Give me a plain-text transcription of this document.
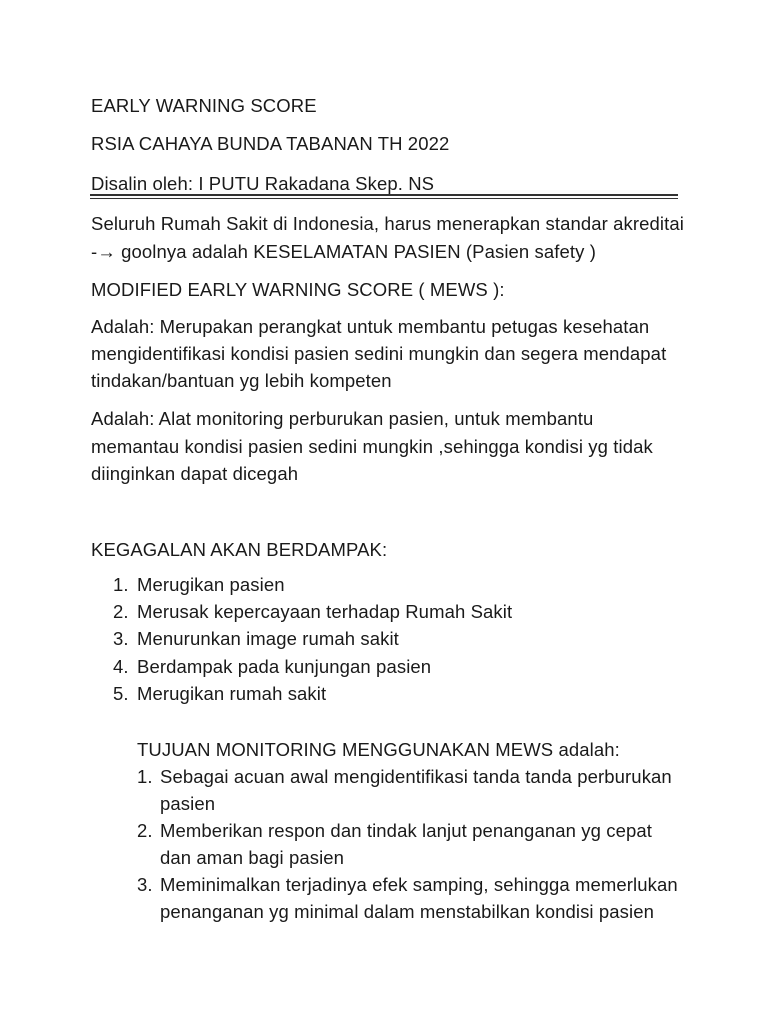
EARLY WARNING SCORE
RSIA CAHAYA BUNDA TABANAN TH 2022
Disalin oleh: I PUTU Rakadana Skep. NS
Seluruh Rumah Sakit di Indonesia, harus menerapkan standar akreditai
-→ goolnya adalah KESELAMATAN PASIEN (Pasien safety )
MODIFIED EARLY WARNING SCORE ( MEWS ):
Adalah: Merupakan perangkat untuk membantu petugas kesehatan
mengidentifikasi kondisi pasien sedini mungkin dan segera mendapat
tindakan/bantuan yg lebih kompeten
Adalah: Alat monitoring perburukan pasien, untuk membantu
memantau kondisi pasien sedini mungkin ,sehingga kondisi yg tidak
diinginkan dapat dicegah
KEGAGALAN AKAN BERDAMPAK:
1. Merugikan pasien
2. Merusak kepercayaan terhadap Rumah Sakit
3. Menurunkan image rumah sakit
4. Berdampak pada kunjungan pasien
5. Merugikan rumah sakit
TUJUAN MONITORING MENGGUNAKAN MEWS adalah:
1. Sebagai acuan awal mengidentifikasi tanda tanda perburukan
pasien
2. Memberikan respon dan tindak lanjut penanganan yg cepat
dan aman bagi pasien
3. Meminimalkan terjadinya efek samping, sehingga memerlukan
penanganan yg minimal dalam menstabilkan kondisi pasien
